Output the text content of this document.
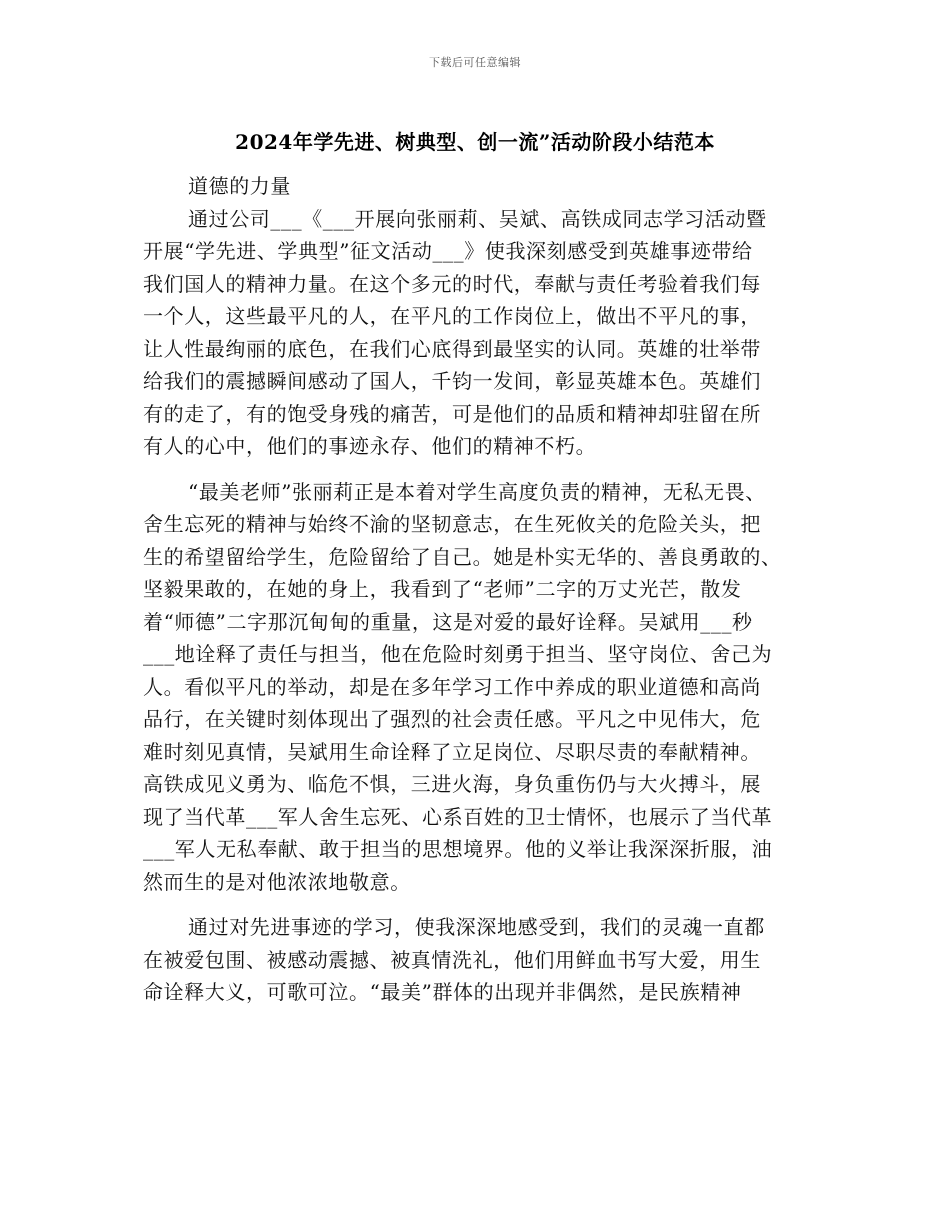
下载后可任意编辑
2024年学先进、树典型、创一流”活动阶段小结范本
道德的力量
通过公司___《___开展向张丽莉、吴斌、高铁成同志学习活动暨
开展“学先进、学典型”征文活动___》使我深刻感受到英雄事迹带给
我们国人的精神力量。在这个多元的时代，奉献与责任考验着我们每
一个人，这些最平凡的人，在平凡的工作岗位上，做出不平凡的事，
让人性最绚丽的底色，在我们心底得到最坚实的认同。英雄的壮举带
给我们的震撼瞬间感动了国人，千钧一发间，彰显英雄本色。英雄们
有的走了，有的饱受身残的痛苦，可是他们的品质和精神却驻留在所
有人的心中，他们的事迹永存、他们的精神不朽。
“最美老师”张丽莉正是本着对学生高度负责的精神，无私无畏、
舍生忘死的精神与始终不渝的坚韧意志，在生死攸关的危险关头，把
生的希望留给学生，危险留给了自己。她是朴实无华的、善良勇敢的、
坚毅果敢的，在她的身上，我看到了“老师”二字的万丈光芒，散发
着“师德”二字那沉甸甸的重量，这是对爱的最好诠释。吴斌用___秒
___地诠释了责任与担当，他在危险时刻勇于担当、坚守岗位、舍己为
人。看似平凡的举动，却是在多年学习工作中养成的职业道德和高尚
品行，在关键时刻体现出了强烈的社会责任感。平凡之中见伟大，危
难时刻见真情，吴斌用生命诠释了立足岗位、尽职尽责的奉献精神。
高铁成见义勇为、临危不惧，三进火海，身负重伤仍与大火搏斗，展
现了当代革___军人舍生忘死、心系百姓的卫士情怀，也展示了当代革
___军人无私奉献、敢于担当的思想境界。他的义举让我深深折服，油
然而生的是对他浓浓地敬意。
通过对先进事迹的学习，使我深深地感受到，我们的灵魂一直都
在被爱包围、被感动震撼、被真情洗礼，他们用鲜血书写大爱，用生
命诠释大义，可歌可泣。“最美”群体的出现并非偶然，是民族精神
